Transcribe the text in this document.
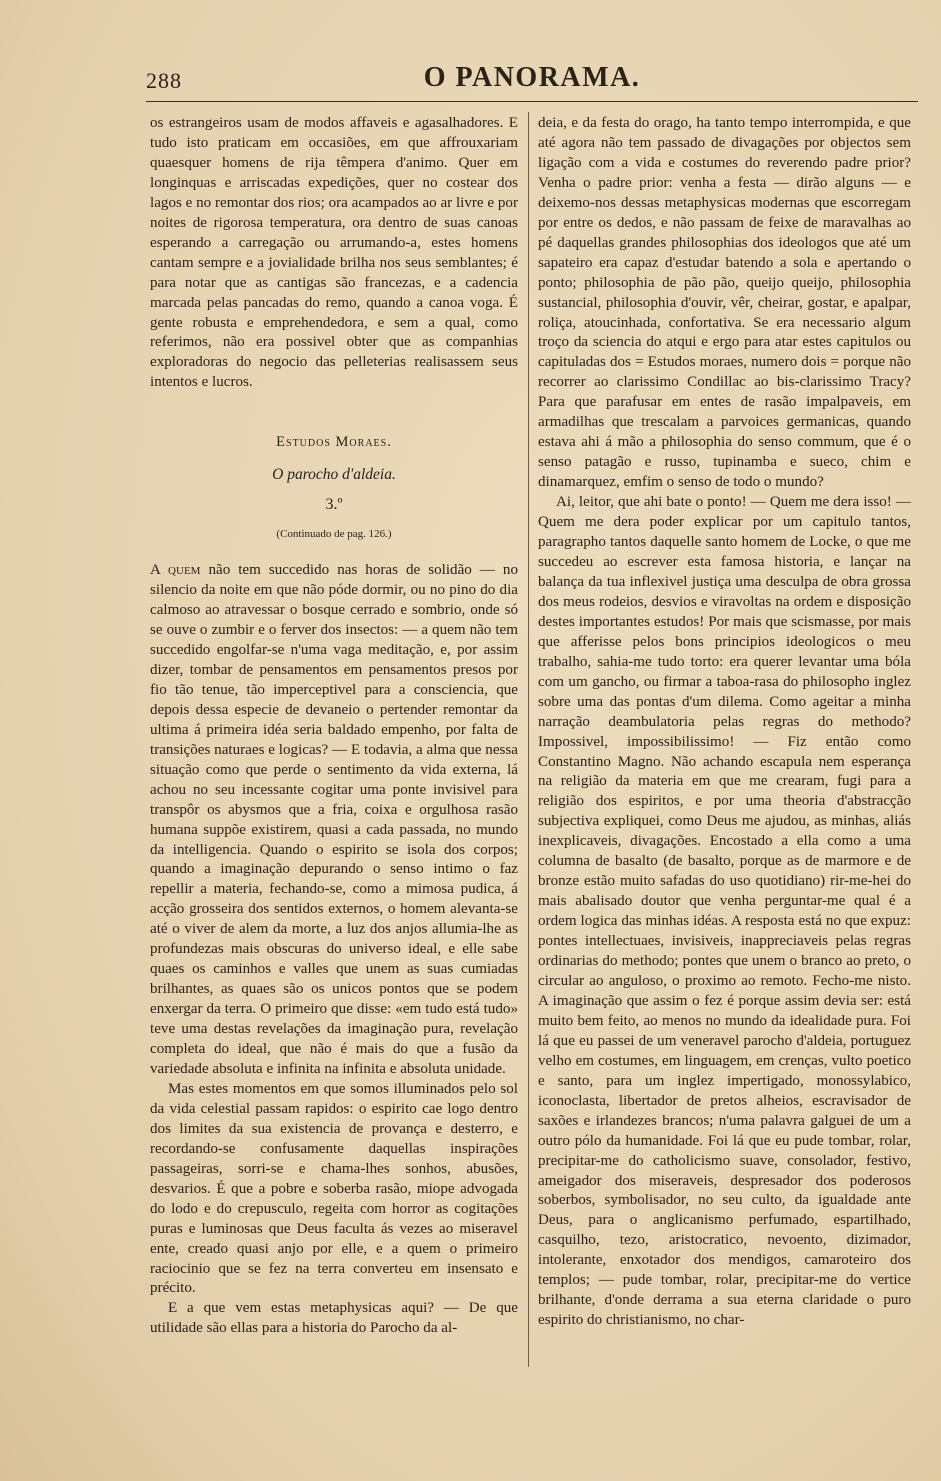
288	O PANORAMA.

os estrangeiros usam de modos affaveis e agasalhadores. E tudo isto praticam em occasiões, em que affrouxariam quaesquer homens de rija têmpera d'animo. Quer em longinquas e arriscadas expedições, quer no costear dos lagos e no remontar dos rios; ora acampados ao ar livre e por noites de rigorosa temperatura, ora dentro de suas canoas esperando a carregação ou arrumando-a, estes homens cantam sempre e a jovialidade brilha nos seus semblantes; é para notar que as cantigas são francezas, e a cadencia marcada pelas pancadas do remo, quando a canoa voga. É gente robusta e emprehendedora, e sem a qual, como referimos, não era possivel obter que as companhias exploradoras do negocio das pelleterias realisassem seus intentos e lucros.

Estudos Moraes.
O parocho d'aldeia.
3.º
(Continuado de pag. 126.)

A quem não tem succedido nas horas de solidão — no silencio da noite em que não póde dormir, ou no pino do dia calmoso ao atravessar o bosque cerrado e sombrio, onde só se ouve o zumbir e o ferver dos insectos: — a quem não tem succedido engolfar-se n'uma vaga meditação, e, por assim dizer, tombar de pensamentos em pensamentos presos por fio tão tenue, tão imperceptivel para a consciencia, que depois dessa especie de devaneio o pertender remontar da ultima á primeira idéa seria baldado empenho, por falta de transições naturaes e logicas? — E todavia, a alma que nessa situação como que perde o sentimento da vida externa, lá achou no seu incessante cogitar uma ponte invisivel para transpôr os abysmos que a fria, coixa e orgulhosa rasão humana suppõe existirem, quasi a cada passada, no mundo da intelligencia. Quando o espirito se isola dos corpos; quando a imaginação depurando o senso intimo o faz repellir a materia, fechando-se, como a mimosa pudica, á acção grosseira dos sentidos externos, o homem alevanta-se até o viver de alem da morte, a luz dos anjos allumia-lhe as profundezas mais obscuras do universo ideal, e elle sabe quaes os caminhos e valles que unem as suas cumiadas brilhantes, as quaes são os unicos pontos que se podem enxergar da terra. O primeiro que disse: «em tudo está tudo» teve uma destas revelações da imaginação pura, revelação completa do ideal, que não é mais do que a fusão da variedade absoluta e infinita na infinita e absoluta unidade.

Mas estes momentos em que somos illuminados pelo sol da vida celestial passam rapidos: o espirito cae logo dentro dos limites da sua existencia de provança e desterro, e recordando-se confusamente daquellas inspirações passageiras, sorri-se e chama-lhes sonhos, abusões, desvarios. É que a pobre e soberba rasão, miope advogada do lodo e do crepusculo, regeita com horror as cogitações puras e luminosas que Deus faculta ás vezes ao miseravel ente, creado quasi anjo por elle, e a quem o primeiro raciocinio que se fez na terra converteu em insensato e précito.

E a que vem estas metaphysicas aqui? — De que utilidade são ellas para a historia do Parocho da al-

deia, e da festa do orago, ha tanto tempo interrompida, e que até agora não tem passado de divagações por objectos sem ligação com a vida e costumes do reverendo padre prior? Venha o padre prior: venha a festa — dirão alguns — e deixemo-nos dessas metaphysicas modernas que escorregam por entre os dedos, e não passam de feixe de maravalhas ao pé daquellas grandes philosophias dos ideologos que até um sapateiro era capaz d'estudar batendo a sola e apertando o ponto; philosophia de pão pão, queijo queijo, philosophia sustancial, philosophia d'ouvir, vêr, cheirar, gostar, e apalpar, roliça, atoucinhada, confortativa. Se era necessario algum troço da sciencia do atqui e ergo para atar estes capitulos ou capituladas dos = Estudos moraes, numero dois = porque não recorrer ao clarissimo Condillac ao bis-clarissimo Tracy? Para que parafusar em entes de rasão impalpaveis, em armadilhas que trescalam a parvoices germanicas, quando estava ahi á mão a philosophia do senso commum, que é o senso patagão e russo, tupinamba e sueco, chim e dinamarquez, emfim o senso de todo o mundo?

Ai, leitor, que ahi bate o ponto! — Quem me dera isso! — Quem me dera poder explicar por um capitulo tantos, paragrapho tantos daquelle santo homem de Locke, o que me succedeu ao escrever esta famosa historia, e lançar na balança da tua inflexivel justiça uma desculpa de obra grossa dos meus rodeios, desvios e viravoltas na ordem e disposição destes importantes estudos! Por mais que scismasse, por mais que afferisse pelos bons principios ideologicos o meu trabalho, sahia-me tudo torto: era querer levantar uma bóla com um gancho, ou firmar a taboa-rasa do philosopho inglez sobre uma das pontas d'um dilema. Como ageitar a minha narração deambulatoria pelas regras do methodo? Impossivel, impossibilissimo! — Fiz então como Constantino Magno. Não achando escapula nem esperança na religião da materia em que me crearam, fugi para a religião dos espiritos, e por uma theoria d'abstracção subjectiva expliquei, como Deus me ajudou, as minhas, aliás inexplicaveis, divagações. Encostado a ella como a uma columna de basalto (de basalto, porque as de marmore e de bronze estão muito safadas do uso quotidiano) rir-me-hei do mais abalisado doutor que venha perguntar-me qual é a ordem logica das minhas idéas. A resposta está no que expuz: pontes intellectuaes, invisiveis, inappreciaveis pelas regras ordinarias do methodo; pontes que unem o branco ao preto, o circular ao anguloso, o proximo ao remoto. Fecho-me nisto. A imaginação que assim o fez é porque assim devia ser: está muito bem feito, ao menos no mundo da idealidade pura. Foi lá que eu passei de um veneravel parocho d'aldeia, portuguez velho em costumes, em linguagem, em crenças, vulto poetico e santo, para um inglez impertigado, monossylabico, iconoclasta, libertador de pretos alheios, escravisador de saxões e irlandezes brancos; n'uma palavra galguei de um a outro pólo da humanidade. Foi lá que eu pude tombar, rolar, precipitar-me do catholicismo suave, consolador, festivo, ameigador dos miseraveis, despresador dos poderosos soberbos, symbolisador, no seu culto, da igualdade ante Deus, para o anglicanismo perfumado, espartilhado, casquilho, tezo, aristocratico, nevoento, dizimador, intolerante, enxotador dos mendigos, camaroteiro dos templos; — pude tombar, rolar, precipitar-me do vertice brilhante, d'onde derrama a sua eterna claridade o puro espirito do christianismo, no char-
